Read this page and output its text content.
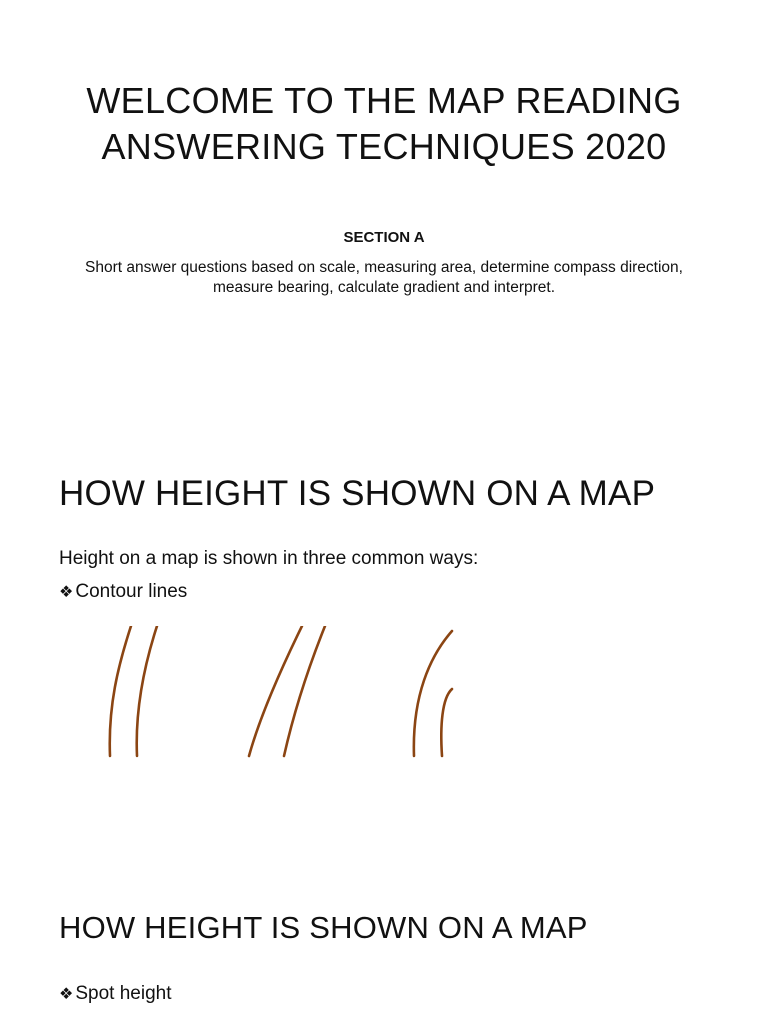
WELCOME TO THE MAP READING ANSWERING TECHNIQUES 2020
SECTION A
Short answer questions based on scale, measuring area, determine compass direction, measure bearing, calculate gradient and interpret.
HOW HEIGHT IS SHOWN ON A MAP
Height on a map is shown in three common ways:
❖ Contour lines
HOW HEIGHT IS SHOWN ON A MAP
❖ Spot height
